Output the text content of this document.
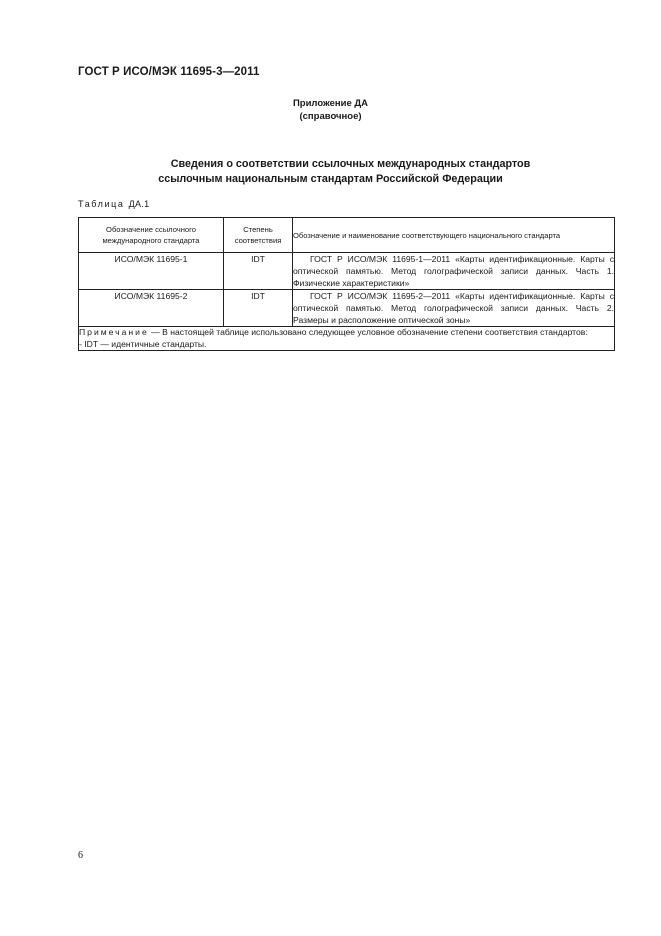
ГОСТ Р ИСО/МЭК 11695-3—2011
Приложение ДА
(справочное)
Сведения о соответствии ссылочных международных стандартов
ссылочным национальным стандартам Российской Федерации
Таблица ДА.1
Обозначение ссылочного международного стандарта	Степень соответствия	Обозначение и наименование соответствующего национального стандарта
ИСО/МЭК 11695-1	IDT	ГОСТ Р ИСО/МЭК 11695-1—2011 «Карты идентификационные. Карты с оптической памятью. Метод голографической записи данных. Часть 1. Физические характеристики»
ИСО/МЭК 11695-2	IDT	ГОСТ Р ИСО/МЭК 11695-2—2011 «Карты идентификационные. Карты с оптической памятью. Метод голографической записи данных. Часть 2. Размеры и расположение оптической зоны»
Примечание — В настоящей таблице использовано следующее условное обозначение степени соответствия стандартов:
- IDT — идентичные стандарты.		
6
